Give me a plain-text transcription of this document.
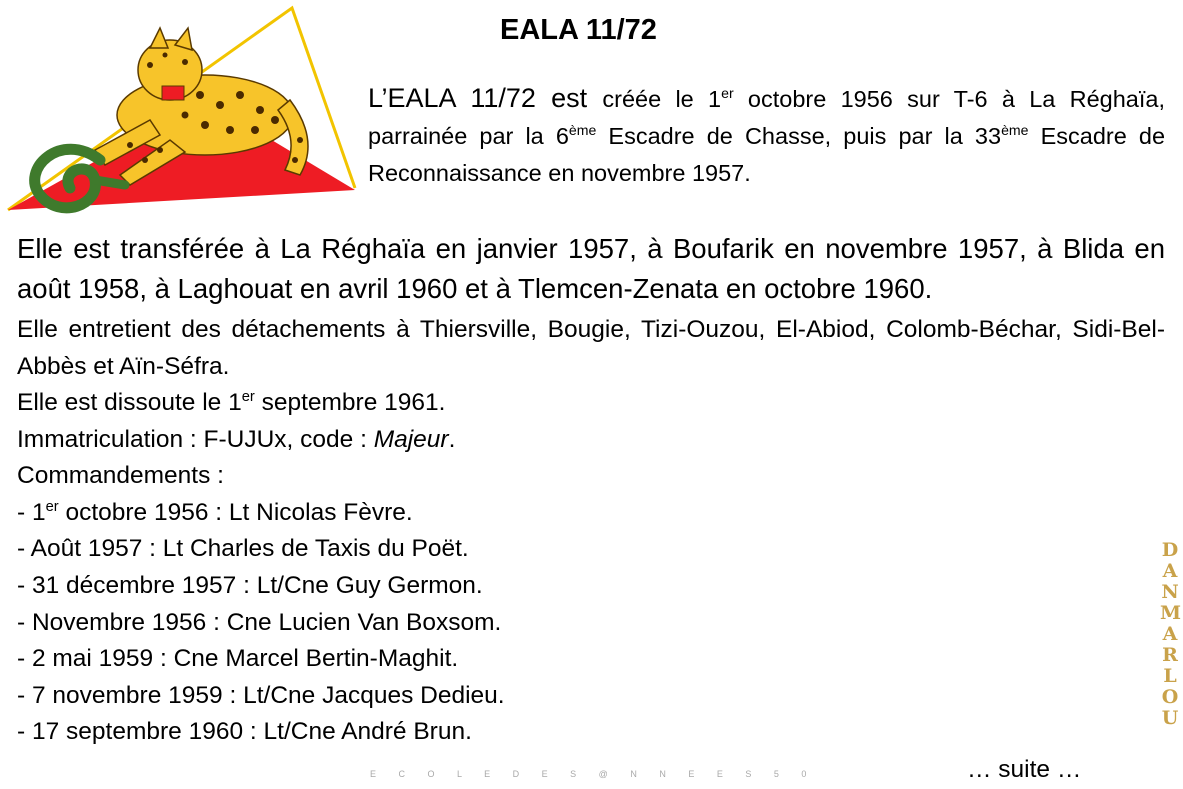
EALA 11/72
L’EALA 11/72 est créée le 1er octobre 1956 sur T-6 à La Réghaïa, parrainée par la 6ème Escadre de Chasse, puis par la 33ème Escadre de Reconnaissance en novembre 1957.

Elle est transférée à La Réghaïa en janvier 1957, à Boufarik en novembre 1957, à Blida en août 1958, à Laghouat en avril 1960 et à Tlemcen-Zenata en octobre 1960.

Elle entretient des détachements à Thiersville, Bougie, Tizi-Ouzou, El-Abiod, Colomb-Béchar, Sidi-Bel-Abbès et Aïn-Séfra.

Elle est dissoute le 1er septembre 1961.

Immatriculation : F-UJUx, code : Majeur.

Commandements :

- 1er octobre 1956 : Lt Nicolas Fèvre.

- Août 1957 : Lt Charles de Taxis du Poët.

- 31 décembre 1957 : Lt/Cne Guy Germon.

- Novembre 1956 : Cne Lucien Van Boxsom.

- 2 mai 1959 : Cne Marcel Bertin-Maghit.

- 7 novembre 1959 : Lt/Cne Jacques Dedieu.

- 17 septembre 1960 : Lt/Cne André Brun.

E C O L E D E S @ N N E E S 5 0	… suite …
DANMARLOU
